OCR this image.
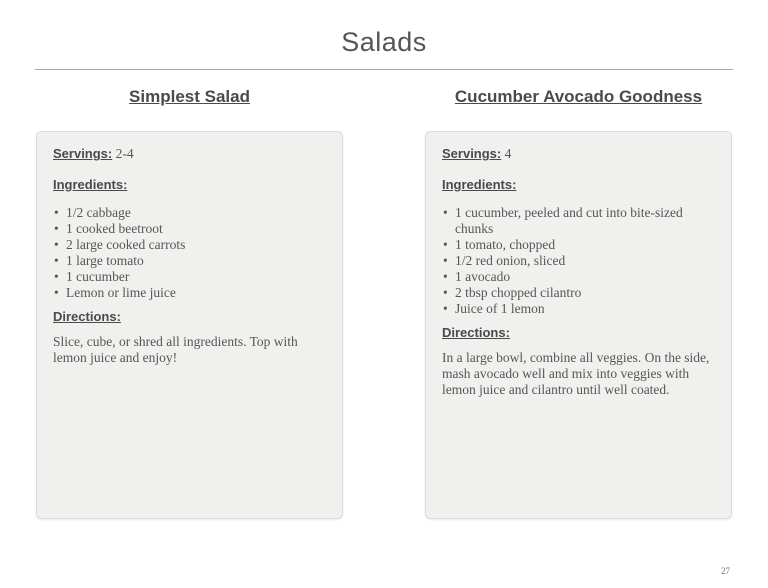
Salads
Simplest Salad

Servings: 2-4

Ingredients:

• 1/2 cabbage
• 1 cooked beetroot
• 2 large cooked carrots
• 1 large tomato
• 1 cucumber
• Lemon or lime juice

Directions:

Slice, cube, or shred all ingredients. Top with lemon juice and enjoy!

Cucumber Avocado Goodness

Servings: 4

Ingredients:

• 1 cucumber, peeled and cut into bite-sized chunks
• 1 tomato, chopped
• 1/2 red onion, sliced
• 1 avocado
• 2 tbsp chopped cilantro
• Juice of 1 lemon

Directions:

In a large bowl, combine all veggies. On the side, mash avocado well and mix into veggies with lemon juice and cilantro until well coated.

27
